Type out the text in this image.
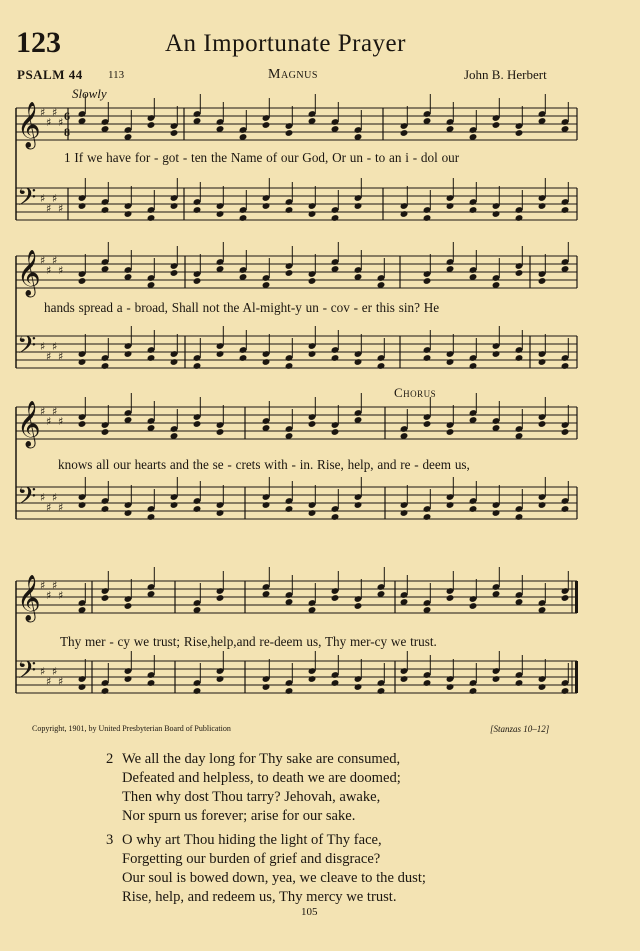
123	An Importunate Prayer
PSALM 44 113	Magnus	John B. Herbert
Slowly
Chorus
𝄞 ♯
♯
♯
♯
𝄢 ♯
♯
♯
♯
𝄞 ♯
♯
♯
♯
𝄢 ♯
♯
♯
♯
𝄞 ♯
♯
♯
♯
𝄢 ♯
♯
♯
♯
𝄞 ♯
♯
♯
♯
𝄢 ♯
♯
♯
♯
6
8
1 If we have for - got - ten the Name of our God, Or un - to an i - dol our
hands spread a - broad, Shall not the Al-might-y un - cov - er this sin? He
knows all our hearts and the se - crets with - in. Rise, help, and re - deem us,
Thy mer - cy we trust; Rise,help,and re-deem us, Thy mer-cy we trust.
Copyright, 1901, by United Presbyterian Board of Publication	[Stanzas 10–12]
2 We all the day long for Thy sake are consumed,
Defeated and helpless, to death we are doomed;
Then why dost Thou tarry? Jehovah, awake,
Nor spurn us forever; arise for our sake.
3 O why art Thou hiding the light of Thy face,
Forgetting our burden of grief and disgrace?
Our soul is bowed down, yea, we cleave to the dust;
Rise, help, and redeem us, Thy mercy we trust.
105
